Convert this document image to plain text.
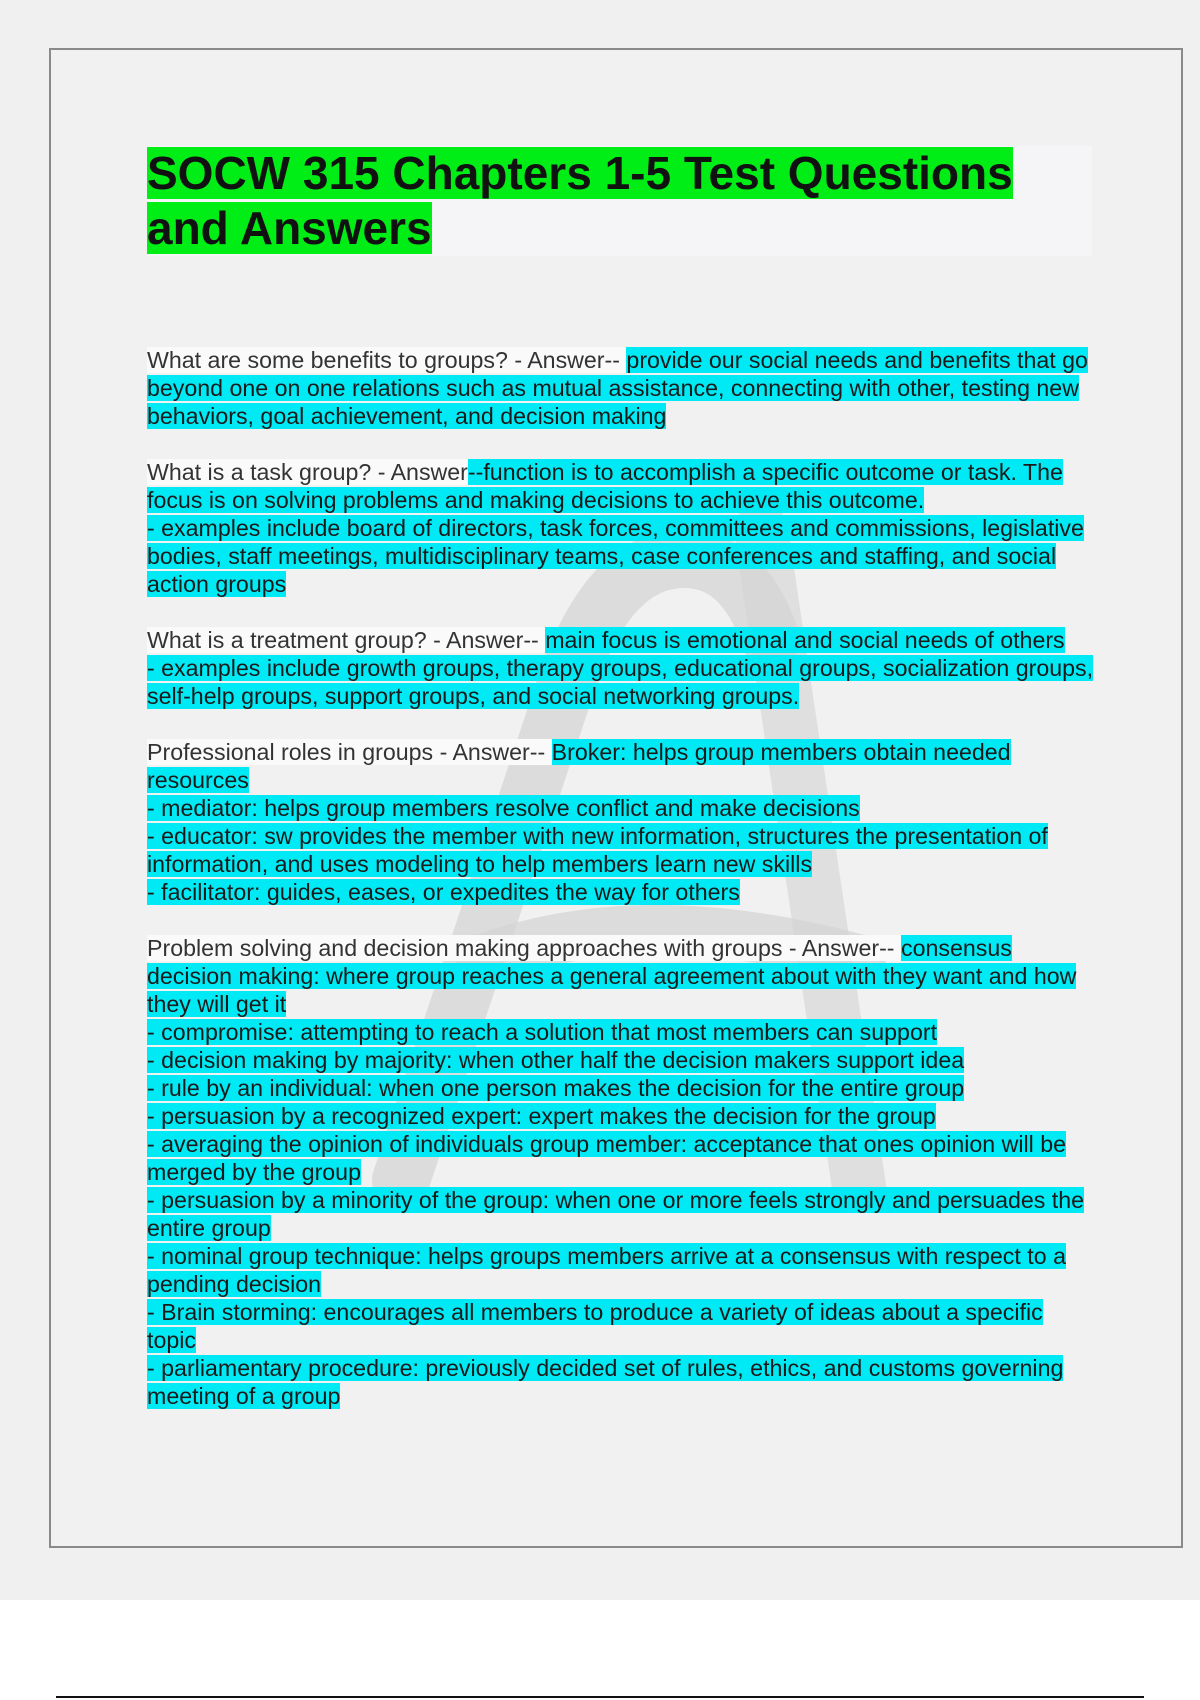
SOCW 315 Chapters 1-5 Test Questions and Answers

What are some benefits to groups? - Answer-- provide our social needs and benefits that go beyond one on one relations such as mutual assistance, connecting with other, testing new behaviors, goal achievement, and decision making

What is a task group? - Answer--function is to accomplish a specific outcome or task. The focus is on solving problems and making decisions to achieve this outcome.
- examples include board of directors, task forces, committees and commissions, legislative bodies, staff meetings, multidisciplinary teams, case conferences and staffing, and social action groups

What is a treatment group? - Answer-- main focus is emotional and social needs of others
- examples include growth groups, therapy groups, educational groups, socialization groups, self-help groups, support groups, and social networking groups.

Professional roles in groups - Answer-- Broker: helps group members obtain needed resources
- mediator: helps group members resolve conflict and make decisions
- educator: sw provides the member with new information, structures the presentation of information, and uses modeling to help members learn new skills
- facilitator: guides, eases, or expedites the way for others

Problem solving and decision making approaches with groups - Answer-- consensus decision making: where group reaches a general agreement about with they want and how they will get it
- compromise: attempting to reach a solution that most members can support
- decision making by majority: when other half the decision makers support idea
- rule by an individual: when one person makes the decision for the entire group
- persuasion by a recognized expert: expert makes the decision for the group
- averaging the opinion of individuals group member: acceptance that ones opinion will be merged by the group
- persuasion by a minority of the group: when one or more feels strongly and persuades the entire group
- nominal group technique: helps groups members arrive at a consensus with respect to a pending decision
- Brain storming: encourages all members to produce a variety of ideas about a specific topic
- parliamentary procedure: previously decided set of rules, ethics, and customs governing meeting of a group
